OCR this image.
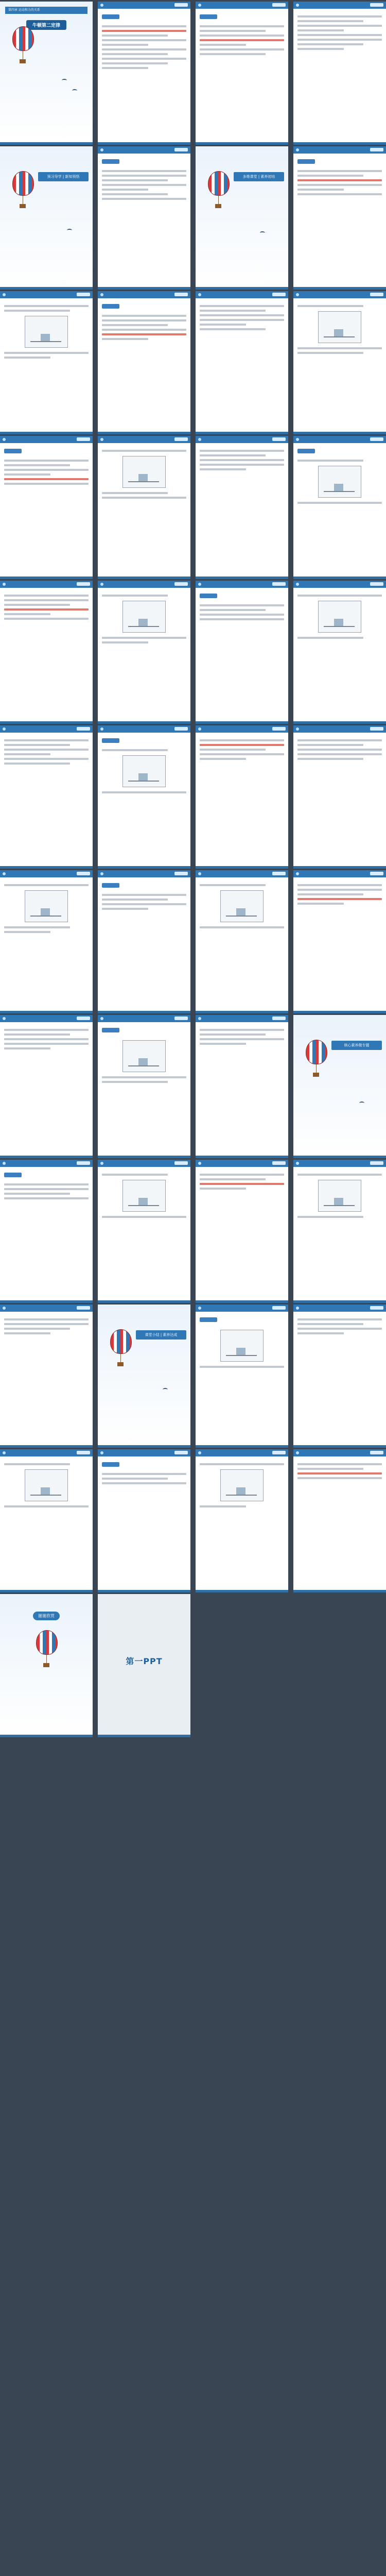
第四章 运动和力的关系
牛顿第二定律
预习导学 | 新知领悟	多维课堂 | 素养初培
核心素养微专题
课堂小结 | 素养达成
谢谢欣赏
第一PPT
